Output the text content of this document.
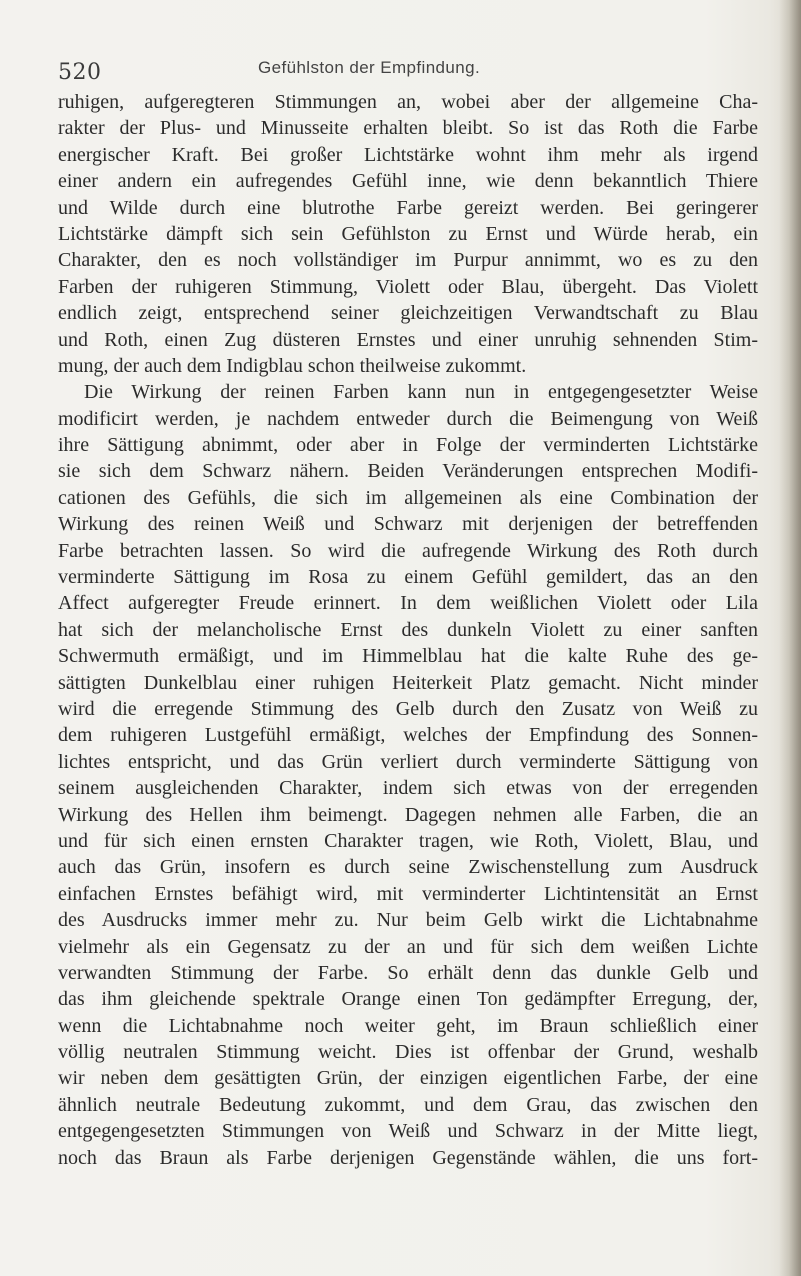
520	Gefühlston der Empfindung.
ruhigen, aufgeregteren Stimmungen an, wobei aber der allgemeine Cha-
rakter der Plus- und Minusseite erhalten bleibt. So ist das Roth die Farbe
energischer Kraft. Bei großer Lichtstärke wohnt ihm mehr als irgend
einer andern ein aufregendes Gefühl inne, wie denn bekanntlich Thiere
und Wilde durch eine blutrothe Farbe gereizt werden. Bei geringerer
Lichtstärke dämpft sich sein Gefühlston zu Ernst und Würde herab, ein
Charakter, den es noch vollständiger im Purpur annimmt, wo es zu den
Farben der ruhigeren Stimmung, Violett oder Blau, übergeht. Das Violett
endlich zeigt, entsprechend seiner gleichzeitigen Verwandtschaft zu Blau
und Roth, einen Zug düsteren Ernstes und einer unruhig sehnenden Stim-
mung, der auch dem Indigblau schon theilweise zukommt.
Die Wirkung der reinen Farben kann nun in entgegengesetzter Weise
modificirt werden, je nachdem entweder durch die Beimengung von Weiß
ihre Sättigung abnimmt, oder aber in Folge der verminderten Lichtstärke
sie sich dem Schwarz nähern. Beiden Veränderungen entsprechen Modifi-
cationen des Gefühls, die sich im allgemeinen als eine Combination der
Wirkung des reinen Weiß und Schwarz mit derjenigen der betreffenden
Farbe betrachten lassen. So wird die aufregende Wirkung des Roth durch
verminderte Sättigung im Rosa zu einem Gefühl gemildert, das an den
Affect aufgeregter Freude erinnert. In dem weißlichen Violett oder Lila
hat sich der melancholische Ernst des dunkeln Violett zu einer sanften
Schwermuth ermäßigt, und im Himmelblau hat die kalte Ruhe des ge-
sättigten Dunkelblau einer ruhigen Heiterkeit Platz gemacht. Nicht minder
wird die erregende Stimmung des Gelb durch den Zusatz von Weiß zu
dem ruhigeren Lustgefühl ermäßigt, welches der Empfindung des Sonnen-
lichtes entspricht, und das Grün verliert durch verminderte Sättigung von
seinem ausgleichenden Charakter, indem sich etwas von der erregenden
Wirkung des Hellen ihm beimengt. Dagegen nehmen alle Farben, die an
und für sich einen ernsten Charakter tragen, wie Roth, Violett, Blau, und
auch das Grün, insofern es durch seine Zwischenstellung zum Ausdruck
einfachen Ernstes befähigt wird, mit verminderter Lichtintensität an Ernst
des Ausdrucks immer mehr zu. Nur beim Gelb wirkt die Lichtabnahme
vielmehr als ein Gegensatz zu der an und für sich dem weißen Lichte
verwandten Stimmung der Farbe. So erhält denn das dunkle Gelb und
das ihm gleichende spektrale Orange einen Ton gedämpfter Erregung, der,
wenn die Lichtabnahme noch weiter geht, im Braun schließlich einer
völlig neutralen Stimmung weicht. Dies ist offenbar der Grund, weshalb
wir neben dem gesättigten Grün, der einzigen eigentlichen Farbe, der eine
ähnlich neutrale Bedeutung zukommt, und dem Grau, das zwischen den
entgegengesetzten Stimmungen von Weiß und Schwarz in der Mitte liegt,
noch das Braun als Farbe derjenigen Gegenstände wählen, die uns fort-
